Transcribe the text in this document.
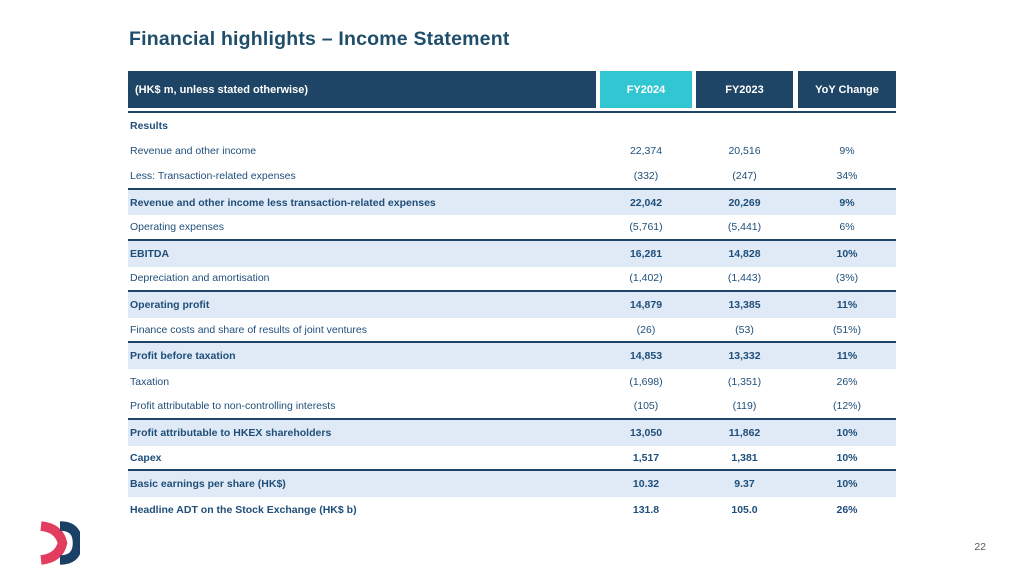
Financial highlights – Income Statement
(HK$ m, unless stated otherwise)	FY2024	FY2023	YoY Change
Results
Revenue and other income	22,374	20,516	9%
Less: Transaction-related expenses	(332)	(247)	34%
Revenue and other income less transaction-related expenses	22,042	20,269	9%
Operating expenses	(5,761)	(5,441)	6%
EBITDA	16,281	14,828	10%
Depreciation and amortisation	(1,402)	(1,443)	(3%)
Operating profit	14,879	13,385	11%
Finance costs and share of results of joint ventures	(26)	(53)	(51%)
Profit before taxation	14,853	13,332	11%
Taxation	(1,698)	(1,351)	26%
Profit attributable to non-controlling interests	(105)	(119)	(12%)
Profit attributable to HKEX shareholders	13,050	11,862	10%
Capex	1,517	1,381	10%
Basic earnings per share (HK$)	10.32	9.37	10%
Headline ADT on the Stock Exchange (HK$ b)	131.8	105.0	26%
22
